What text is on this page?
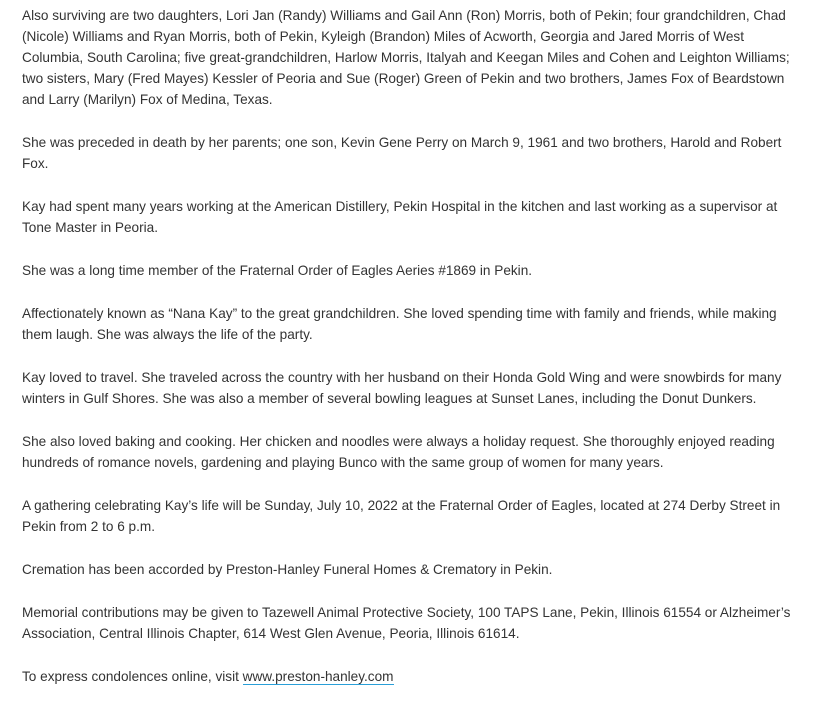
Also surviving are two daughters, Lori Jan (Randy) Williams and Gail Ann (Ron) Morris, both of Pekin; four grandchildren, Chad (Nicole) Williams and Ryan Morris, both of Pekin, Kyleigh (Brandon) Miles of Acworth, Georgia and Jared Morris of West Columbia, South Carolina; five great-grandchildren, Harlow Morris, Italyah and Keegan Miles and Cohen and Leighton Williams; two sisters, Mary (Fred Mayes) Kessler of Peoria and Sue (Roger) Green of Pekin and two brothers, James Fox of Beardstown and Larry (Marilyn) Fox of Medina, Texas.

She was preceded in death by her parents; one son, Kevin Gene Perry on March 9, 1961 and two brothers, Harold and Robert Fox.

Kay had spent many years working at the American Distillery, Pekin Hospital in the kitchen and last working as a supervisor at Tone Master in Peoria.

She was a long time member of the Fraternal Order of Eagles Aeries #1869 in Pekin.

Affectionately known as “Nana Kay” to the great grandchildren. She loved spending time with family and friends, while making them laugh. She was always the life of the party.

Kay loved to travel. She traveled across the country with her husband on their Honda Gold Wing and were snowbirds for many winters in Gulf Shores. She was also a member of several bowling leagues at Sunset Lanes, including the Donut Dunkers.

She also loved baking and cooking. Her chicken and noodles were always a holiday request. She thoroughly enjoyed reading hundreds of romance novels, gardening and playing Bunco with the same group of women for many years.

A gathering celebrating Kay’s life will be Sunday, July 10, 2022 at the Fraternal Order of Eagles, located at 274 Derby Street in Pekin from 2 to 6 p.m.

Cremation has been accorded by Preston-Hanley Funeral Homes & Crematory in Pekin.

Memorial contributions may be given to Tazewell Animal Protective Society, 100 TAPS Lane, Pekin, Illinois 61554 or Alzheimer’s Association, Central Illinois Chapter, 614 West Glen Avenue, Peoria, Illinois 61614.

To express condolences online, visit www.preston-hanley.com
